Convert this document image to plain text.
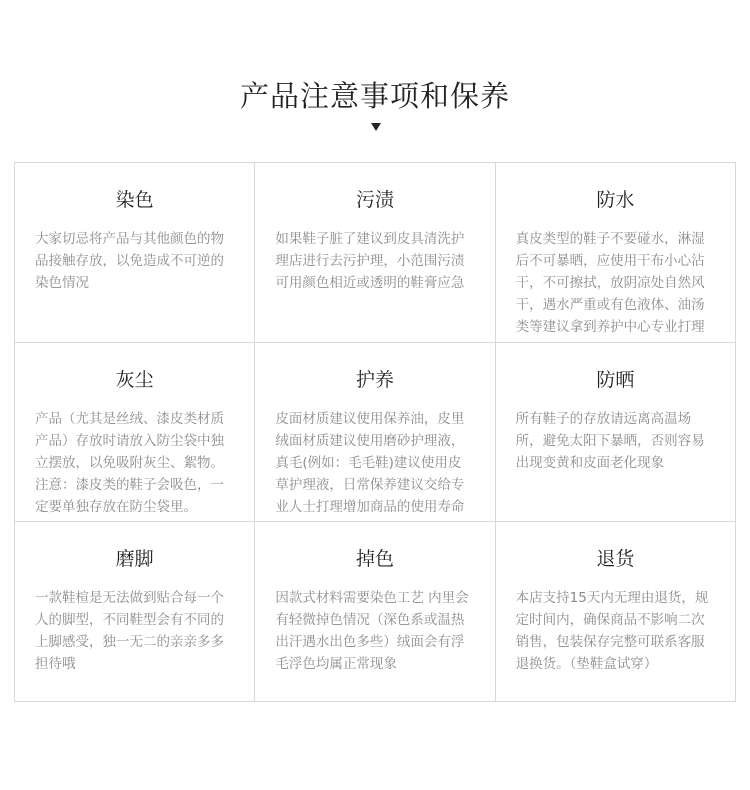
产品注意事项和保养
染色
大家切忌将产品与其他颜色的物品接触存放，以免造成不可逆的染色情况
污渍
如果鞋子脏了建议到皮具清洗护理店进行去污护理，小范围污渍可用颜色相近或透明的鞋膏应急
防水
真皮类型的鞋子不要碰水，淋湿后不可暴晒，应使用干布小心沾干，不可擦拭，放阴凉处自然风干，遇水严重或有色液体、油汤类等建议拿到养护中心专业打理
灰尘
产品（尤其是丝绒、漆皮类材质产品）存放时请放入防尘袋中独立摆放，以免吸附灰尘、絮物。注意：漆皮类的鞋子会吸色，一定要单独存放在防尘袋里。
护养
皮面材质建议使用保养油，皮里绒面材质建议使用磨砂护理液，真毛(例如：毛毛鞋)建议使用皮草护理液，日常保养建议交给专业人士打理增加商品的使用寿命
防晒
所有鞋子的存放请远离高温场所，避免太阳下暴晒，否则容易出现变黄和皮面老化现象
磨脚
一款鞋楦是无法做到贴合每一个人的脚型，不同鞋型会有不同的上脚感受，独一无二的亲亲多多担待哦
掉色
因款式材料需要染色工艺 内里会有轻微掉色情况（深色系或温热出汗遇水出色多些）绒面会有浮毛浮色均属正常现象
退货
本店支持15天内无理由退货，规定时间内，确保商品不影响二次销售，包装保存完整可联系客服退换货。（垫鞋盒试穿）
